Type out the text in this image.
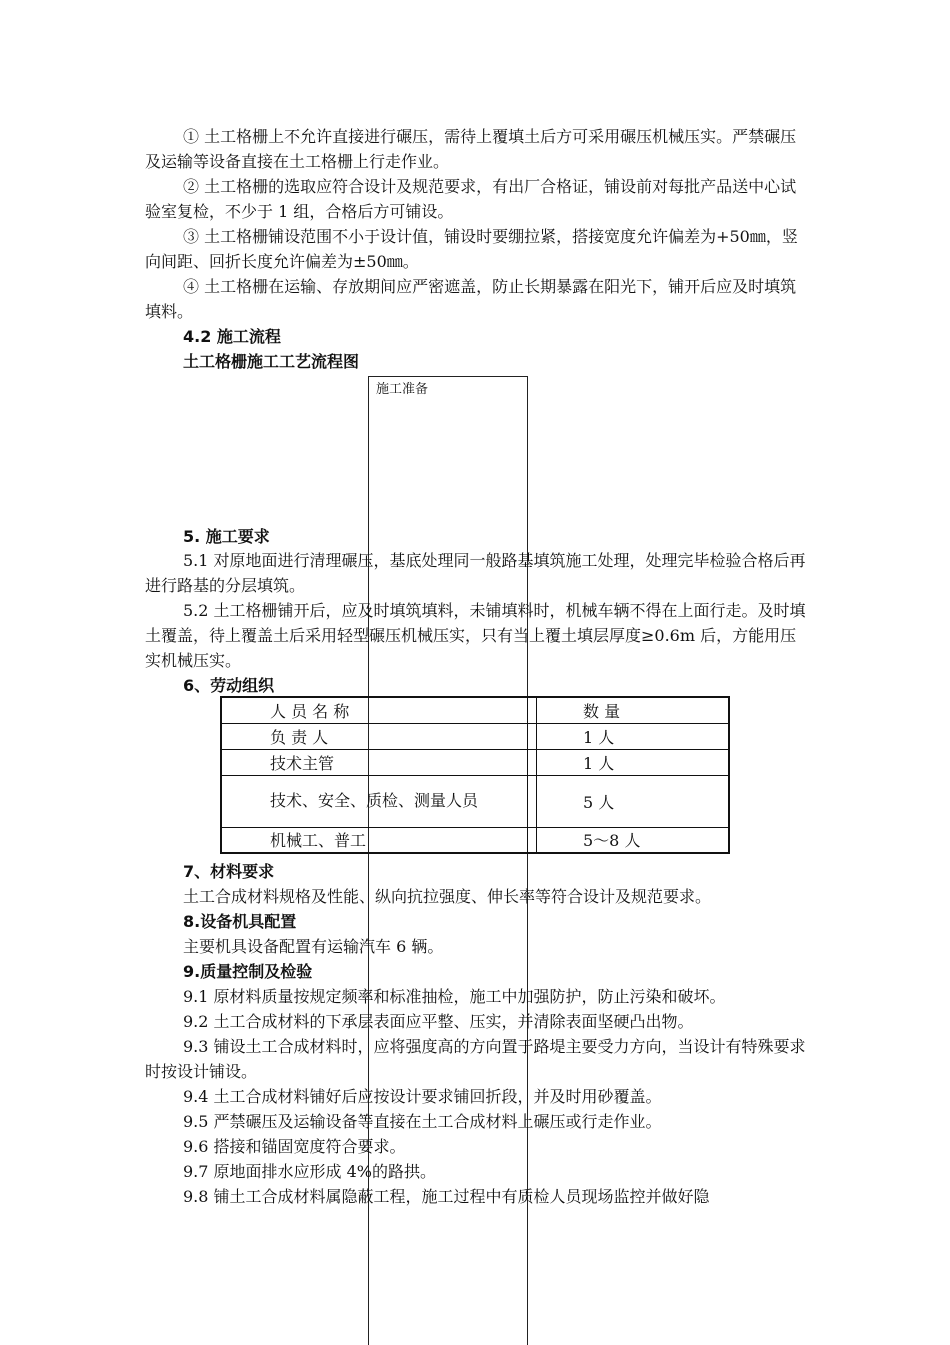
① 土工格栅上不允许直接进行碾压，需待上覆填土后方可采用碾压机械压实。严禁碾压及运输等设备直接在土工格栅上行走作业。

② 土工格栅的选取应符合设计及规范要求，有出厂合格证，铺设前对每批产品送中心试验室复检，不少于 1 组，合格后方可铺设。

③ 土工格栅铺设范围不小于设计值，铺设时要绷拉紧，搭接宽度允许偏差为+50㎜，竖向间距、回折长度允许偏差为±50㎜。

④ 土工格栅在运输、存放期间应严密遮盖，防止长期暴露在阳光下，铺开后应及时填筑填料。

4.2 施工流程

土工格栅施工工艺流程图

施工准备

5. 施工要求

5.1 对原地面进行清理碾压，基底处理同一般路基填筑施工处理，处理完毕检验合格后再进行路基的分层填筑。

5.2 土工格栅铺开后，应及时填筑填料，未铺填料时，机械车辆不得在上面行走。及时填土覆盖，待上覆盖土后采用轻型碾压机械压实，只有当上覆土填层厚度≥0.6m 后，方能用压实机械压实。

6、劳动组织

人 员 名 称		数 量
负 责 人		1 人
技术主管		1 人
技术、安全、质检、测量人员		5 人
机械工、普工		5～8 人

7、材料要求

土工合成材料规格及性能、纵向抗拉强度、伸长率等符合设计及规范要求。

8.设备机具配置

主要机具设备配置有运输汽车 6 辆。

9.质量控制及检验

9.1 原材料质量按规定频率和标准抽检，施工中加强防护，防止污染和破坏。

9.2 土工合成材料的下承层表面应平整、压实，并清除表面坚硬凸出物。

9.3 铺设土工合成材料时，应将强度高的方向置于路堤主要受力方向，当设计有特殊要求时按设计铺设。

9.4 土工合成材料铺好后应按设计要求铺回折段，并及时用砂覆盖。

9.5 严禁碾压及运输设备等直接在土工合成材料上碾压或行走作业。

9.6 搭接和锚固宽度符合要求。

9.7 原地面排水应形成 4%的路拱。

9.8 铺土工合成材料属隐蔽工程，施工过程中有质检人员现场监控并做好隐
